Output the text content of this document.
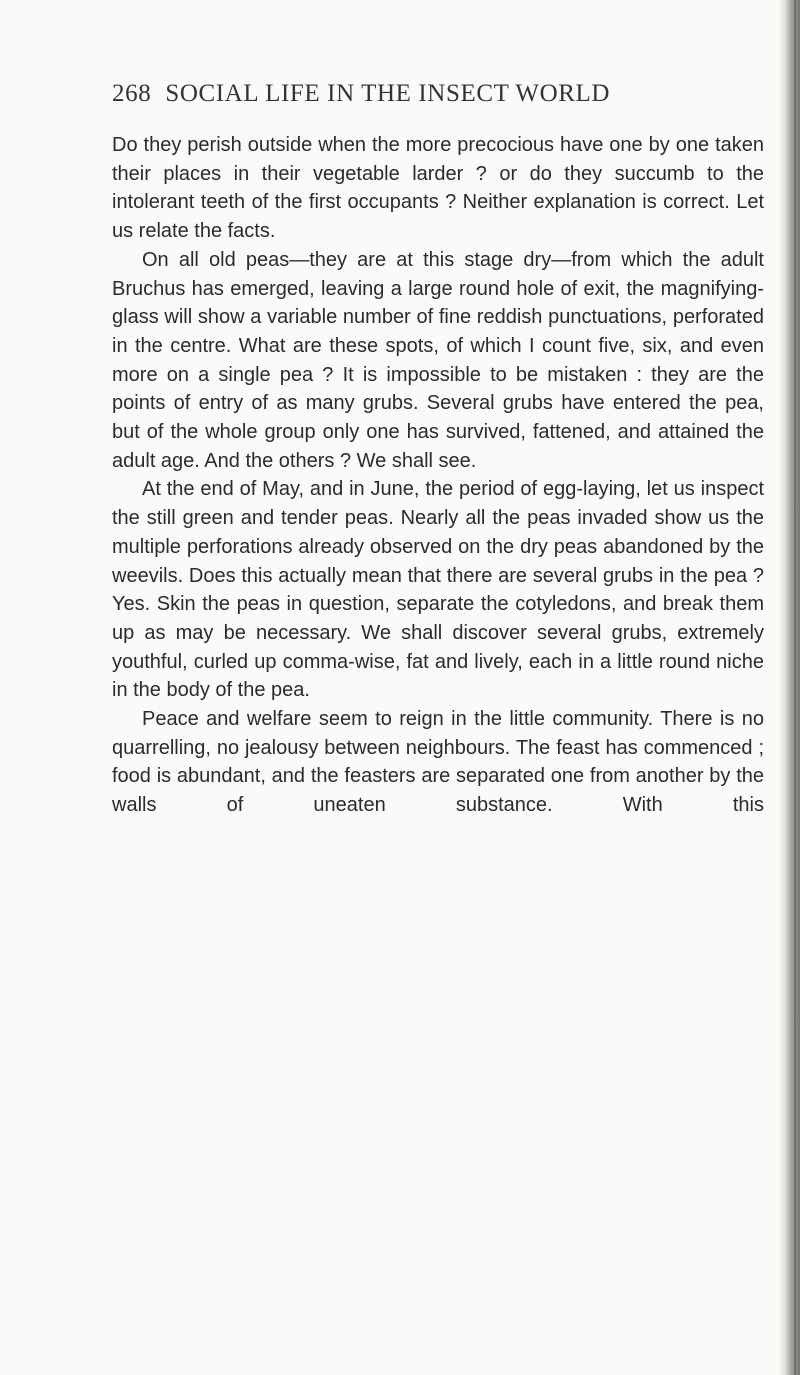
268 SOCIAL LIFE IN THE INSECT WORLD

Do they perish outside when the more precocious have one by one taken their places in their vegetable larder ? or do they succumb to the intolerant teeth of the first occupants ? Neither explanation is correct. Let us relate the facts.

On all old peas—they are at this stage dry—from which the adult Bruchus has emerged, leaving a large round hole of exit, the magnifying-glass will show a variable number of fine reddish punctuations, perforated in the centre. What are these spots, of which I count five, six, and even more on a single pea ? It is impossible to be mistaken : they are the points of entry of as many grubs. Several grubs have entered the pea, but of the whole group only one has survived, fattened, and attained the adult age. And the others ? We shall see.

At the end of May, and in June, the period of egg-laying, let us inspect the still green and tender peas. Nearly all the peas invaded show us the multiple perforations already observed on the dry peas abandoned by the weevils. Does this actually mean that there are several grubs in the pea ? Yes. Skin the peas in question, separate the cotyledons, and break them up as may be necessary. We shall discover several grubs, extremely youthful, curled up comma-wise, fat and lively, each in a little round niche in the body of the pea.

Peace and welfare seem to reign in the little community. There is no quarrelling, no jealousy between neighbours. The feast has commenced ; food is abundant, and the feasters are separated one from another by the walls of uneaten substance. With this
